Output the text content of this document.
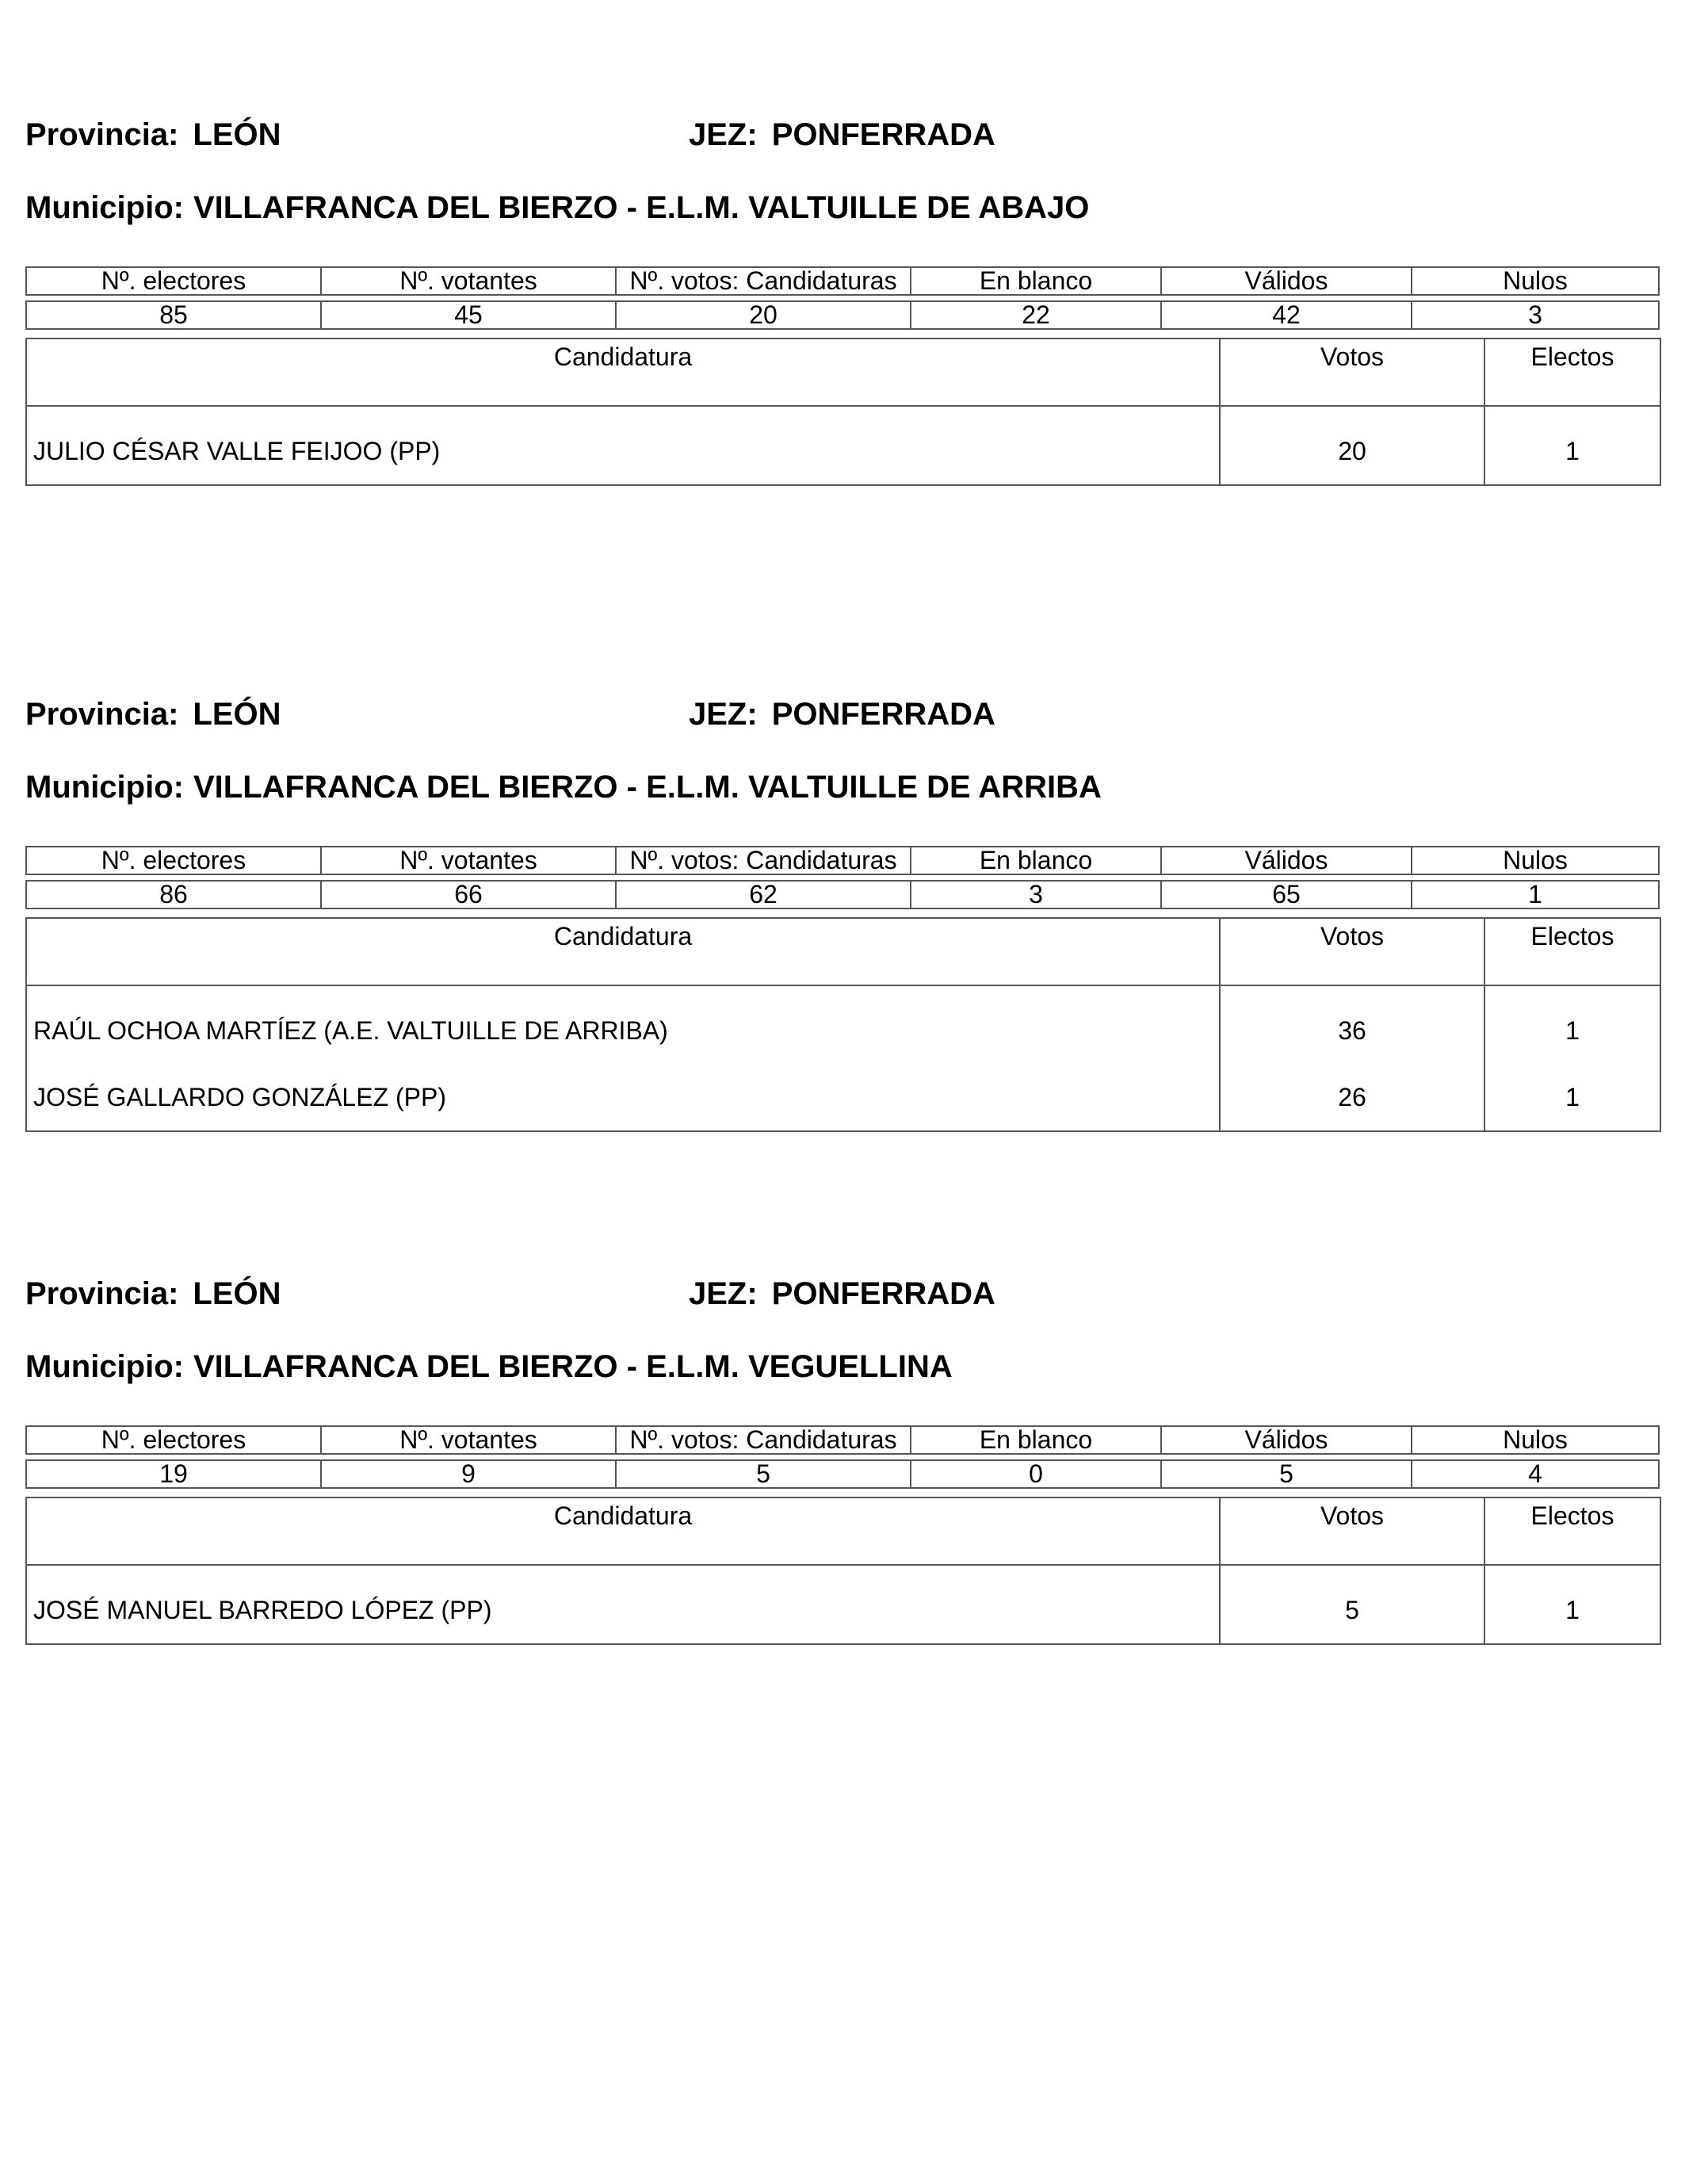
Provincia: LEÓN	JEZ: PONFERRADA
Municipio: VILLAFRANCA DEL BIERZO - E.L.M. VALTUILLE DE ABAJO
Nº. electores	Nº. votantes	Nº. votos: Candidaturas	En blanco	Válidos	Nulos
85	45	20	22	42	3
Candidatura	Votos	Electos
JULIO CÉSAR VALLE FEIJOO (PP)	20	1
Provincia: LEÓN	JEZ: PONFERRADA
Municipio: VILLAFRANCA DEL BIERZO - E.L.M. VALTUILLE DE ARRIBA
Nº. electores	Nº. votantes	Nº. votos: Candidaturas	En blanco	Válidos	Nulos
86	66	62	3	65	1
Candidatura	Votos	Electos
RAÚL OCHOA MARTÍEZ (A.E. VALTUILLE DE ARRIBA)	36	1
JOSÉ GALLARDO GONZÁLEZ (PP)	26	1
Provincia: LEÓN	JEZ: PONFERRADA
Municipio: VILLAFRANCA DEL BIERZO - E.L.M. VEGUELLINA
Nº. electores	Nº. votantes	Nº. votos: Candidaturas	En blanco	Válidos	Nulos
19	9	5	0	5	4
Candidatura	Votos	Electos
JOSÉ MANUEL BARREDO LÓPEZ (PP)	5	1
